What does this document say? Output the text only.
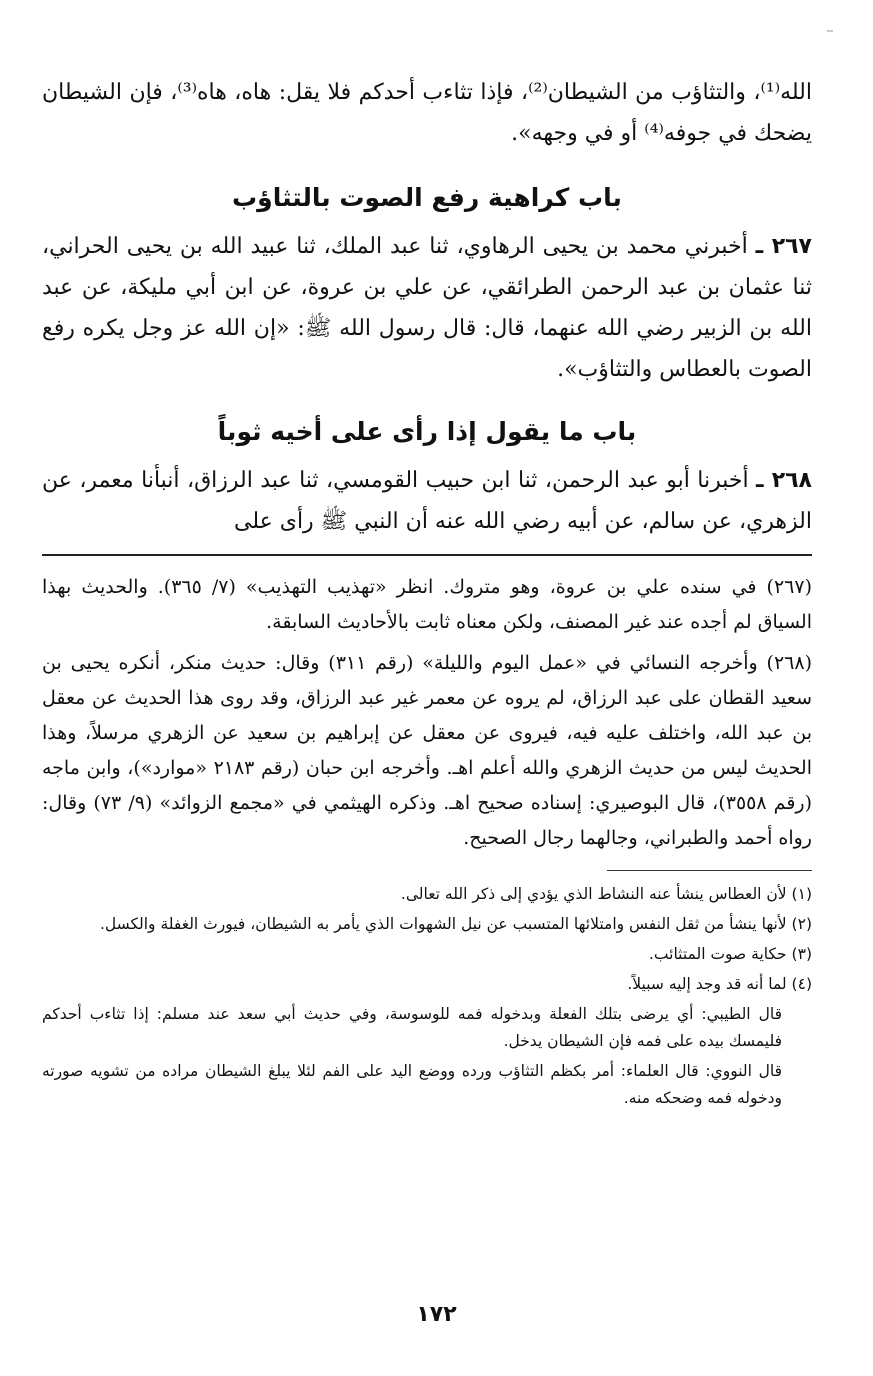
الله⁽¹⁾، والتثاؤب من الشيطان⁽²⁾، فإذا تثاءب أحدكم فلا يقل: هاه، هاه⁽³⁾، فإن الشيطان يضحك في جوفه⁽⁴⁾ أو في وجهه».

باب كراهية رفع الصوت بالتثاؤب

٢٦٧ ـ أخبرني محمد بن يحيى الرهاوي، ثنا عبد الملك، ثنا عبيد الله بن يحيى الحراني، ثنا عثمان بن عبد الرحمن الطرائقي، عن علي بن عروة، عن ابن أبي مليكة، عن عبد الله بن الزبير رضي الله عنهما، قال: قال رسول الله ﷺ: «إن الله عز وجل يكره رفع الصوت بالعطاس والتثاؤب».

باب ما يقول إذا رأى على أخيه ثوباً

٢٦٨ ـ أخبرنا أبو عبد الرحمن، ثنا ابن حبيب القومسي، ثنا عبد الرزاق، أنبأنا معمر، عن الزهري، عن سالم، عن أبيه رضي الله عنه أن النبي ﷺ رأى على

(٢٦٧) في سنده علي بن عروة، وهو متروك. انظر «تهذيب التهذيب» (٧/ ٣٦٥). والحديث بهذا السياق لم أجده عند غير المصنف، ولكن معناه ثابت بالأحاديث السابقة.

(٢٦٨) وأخرجه النسائي في «عمل اليوم والليلة» (رقم ٣١١) وقال: حديث منكر، أنكره يحيى بن سعيد القطان على عبد الرزاق، لم يروه عن معمر غير عبد الرزاق، وقد روى هذا الحديث عن معقل بن عبد الله، واختلف عليه فيه، فيروى عن معقل عن إبراهيم بن سعيد عن الزهري مرسلاً، وهذا الحديث ليس من حديث الزهري والله أعلم اهـ. وأخرجه ابن حبان (رقم ٢١٨٣ «موارد»)، وابن ماجه (رقم ٣٥٥٨)، قال البوصيري: إسناده صحيح اهـ. وذكره الهيثمي في «مجمع الزوائد» (٩/ ٧٣) وقال: رواه أحمد والطبراني، وجالهما رجال الصحيح.

(١) لأن العطاس ينشأ عنه النشاط الذي يؤدي إلى ذكر الله تعالى.

(٢) لأنها ينشأ من ثقل النفس وامتلائها المتسبب عن نيل الشهوات الذي يأمر به الشيطان، فيورث الغفلة والكسل.

(٣) حكاية صوت المتثائب.

(٤) لما أنه قد وجد إليه سبيلاً.

قال الطيبي: أي يرضى بتلك الفعلة وبدخوله فمه للوسوسة، وفي حديث أبي سعد عند مسلم: إذا تثاءب أحدكم فليمسك بيده على فمه فإن الشيطان يدخل.

قال النووي: قال العلماء: أمر بكظم التثاؤب ورده ووضع اليد على الفم لئلا يبلغ الشيطان مراده من تشويه صورته ودخوله فمه وضحكه منه.

١٧٢
